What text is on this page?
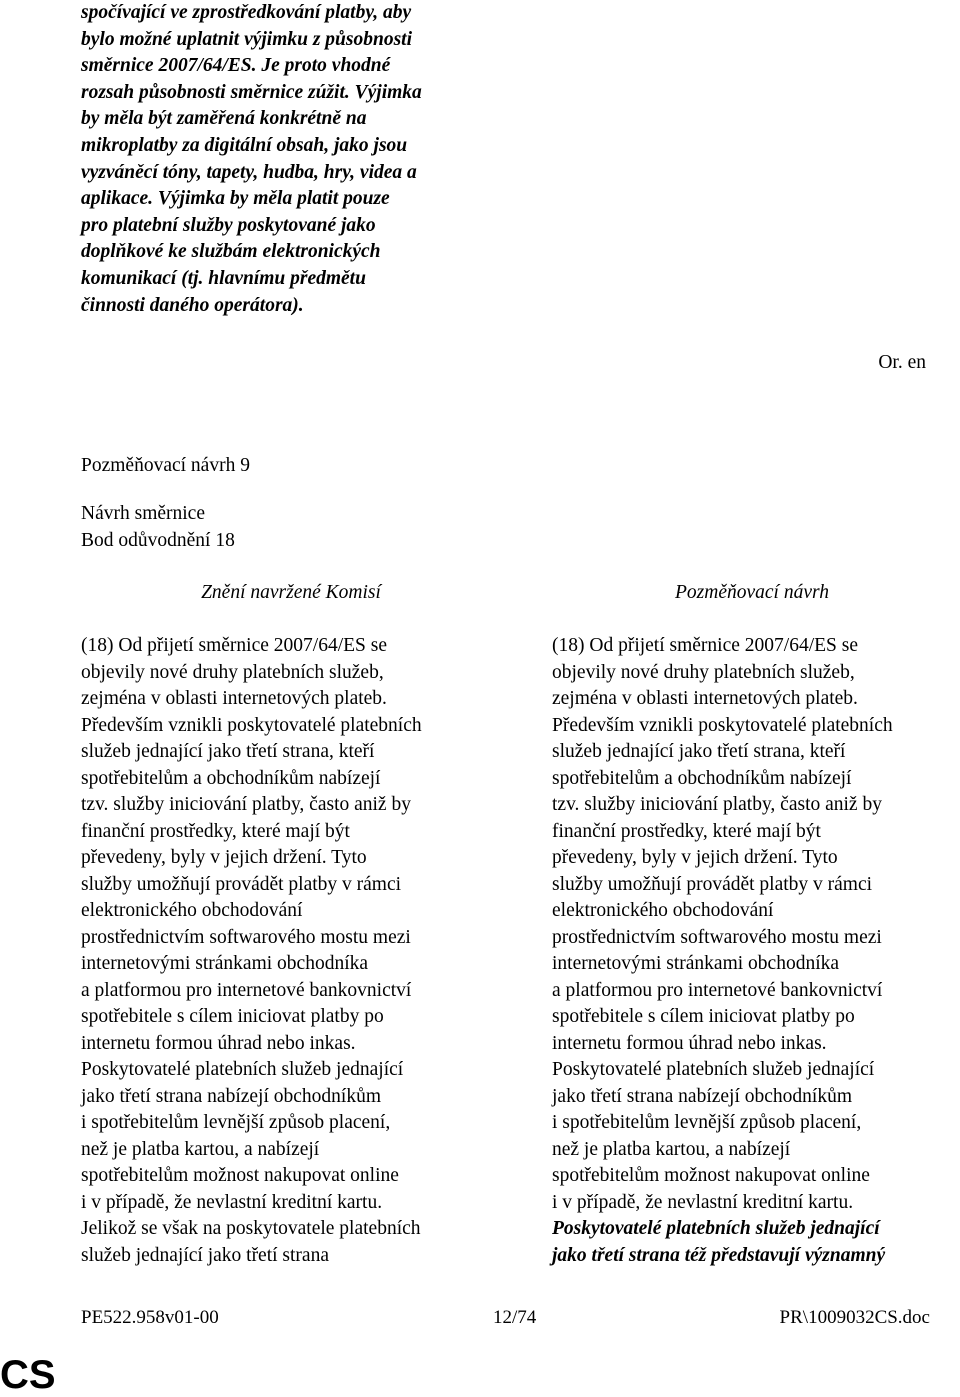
spočívající ve zprostředkování platby, aby
bylo možné uplatnit výjimku z působnosti
směrnice 2007/64/ES. Je proto vhodné
rozsah působnosti směrnice zúžit. Výjimka
by měla být zaměřená konkrétně na
mikroplatby za digitální obsah, jako jsou
vyzváněcí tóny, tapety, hudba, hry, videa a
aplikace. Výjimka by měla platit pouze
pro platební služby poskytované jako
doplňkové ke službám elektronických
komunikací (tj. hlavnímu předmětu
činnosti daného operátora).
Or. en
Pozměňovací návrh 9
Návrh směrnice
Bod odůvodnění 18
Znění navržené Komisí	Pozměňovací návrh
(18) Od přijetí směrnice 2007/64/ES se
objevily nové druhy platebních služeb,
zejména v oblasti internetových plateb.
Především vznikli poskytovatelé platebních
služeb jednající jako třetí strana, kteří
spotřebitelům a obchodníkům nabízejí
tzv. služby iniciování platby, často aniž by
finanční prostředky, které mají být
převedeny, byly v jejich držení. Tyto
služby umožňují provádět platby v rámci
elektronického obchodování
prostřednictvím softwarového mostu mezi
internetovými stránkami obchodníka
a platformou pro internetové bankovnictví
spotřebitele s cílem iniciovat platby po
internetu formou úhrad nebo inkas.
Poskytovatelé platebních služeb jednající
jako třetí strana nabízejí obchodníkům
i spotřebitelům levnější způsob placení,
než je platba kartou, a nabízejí
spotřebitelům možnost nakupovat online
i v případě, že nevlastní kreditní kartu.
Jelikož se však na poskytovatele platebních
služeb jednající jako třetí strana
(18) Od přijetí směrnice 2007/64/ES se
objevily nové druhy platebních služeb,
zejména v oblasti internetových plateb.
Především vznikli poskytovatelé platebních
služeb jednající jako třetí strana, kteří
spotřebitelům a obchodníkům nabízejí
tzv. služby iniciování platby, často aniž by
finanční prostředky, které mají být
převedeny, byly v jejich držení. Tyto
služby umožňují provádět platby v rámci
elektronického obchodování
prostřednictvím softwarového mostu mezi
internetovými stránkami obchodníka
a platformou pro internetové bankovnictví
spotřebitele s cílem iniciovat platby po
internetu formou úhrad nebo inkas.
Poskytovatelé platebních služeb jednající
jako třetí strana nabízejí obchodníkům
i spotřebitelům levnější způsob placení,
než je platba kartou, a nabízejí
spotřebitelům možnost nakupovat online
i v případě, že nevlastní kreditní kartu.
Poskytovatelé platebních služeb jednající
jako třetí strana též představují významný
PE522.958v01-00	12/74	PR\1009032CS.doc
CS
